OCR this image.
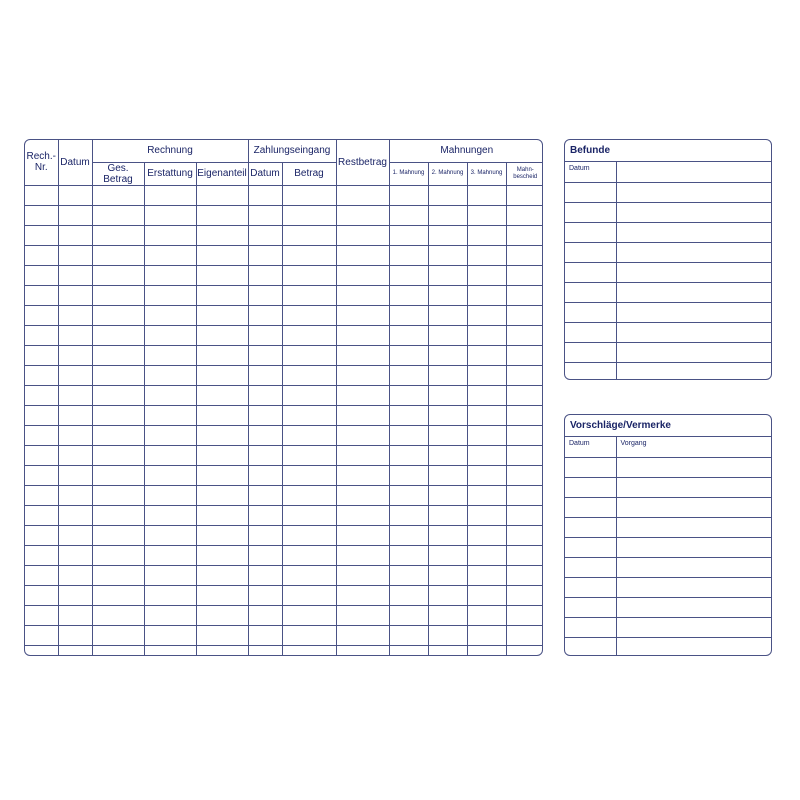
Rech.-
Nr.	Datum	Rechnung			Zahlungseingang		Restbetrag	Mahnungen			
		Ges. Betrag	Erstattung	Eigenanteil	Datum	Betrag		1. Mahnung	2. Mahnung	3. Mahnung	Mahn-
bescheid

Befunde
Datum	

Vorschläge/Vermerke
Datum	Vorgang
